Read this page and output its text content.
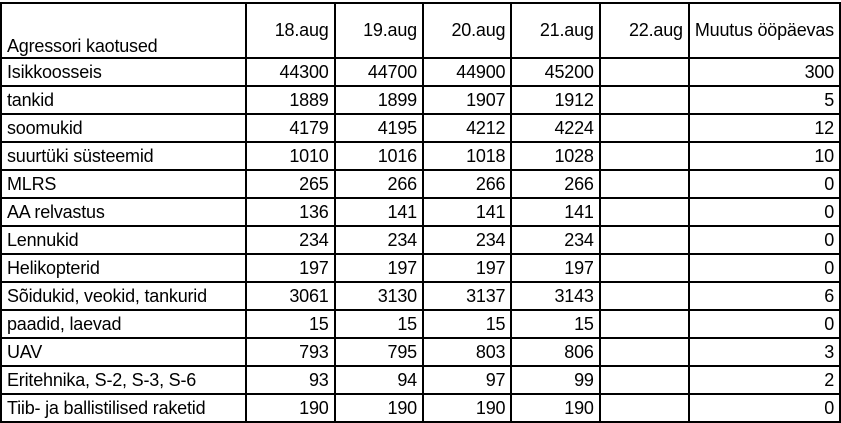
Agressori kaotused	18.aug	19.aug	20.aug	21.aug	22.aug	Muutus ööpäevas
Isikkoosseis	44300	44700	44900	45200		300
tankid	1889	1899	1907	1912		5
soomukid	4179	4195	4212	4224		12
suurtüki süsteemid	1010	1016	1018	1028		10
MLRS	265	266	266	266		0
AA relvastus	136	141	141	141		0
Lennukid	234	234	234	234		0
Helikopterid	197	197	197	197		0
Sõidukid, veokid, tankurid	3061	3130	3137	3143		6
paadid, laevad	15	15	15	15		0
UAV	793	795	803	806		3
Eritehnika, S-2, S-3, S-6	93	94	97	99		2
Tiib- ja ballistilised raketid	190	190	190	190		0
